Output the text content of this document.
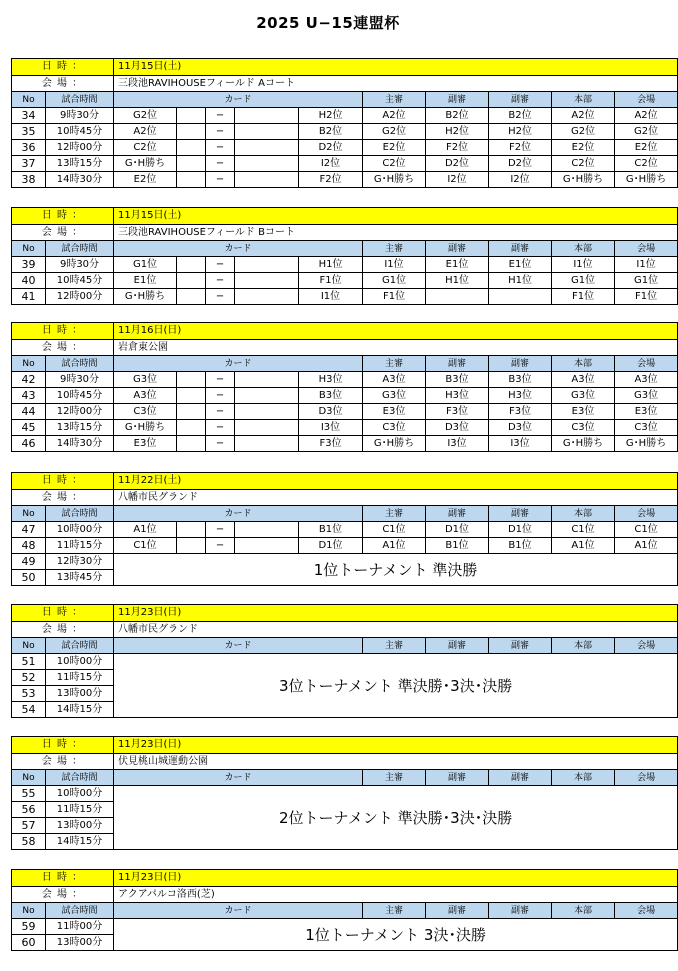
2025 U−15連盟杯
日 時 ：		11月15日(土)									
会 場 ：		三段池RAVIHOUSEフィールド Aコート									
No	試合時間	カード					主審	副審	副審	本部	会場
34	9時30分	G2位		−		H2位	A2位	B2位	B2位	A2位	A2位
35	10時45分	A2位		−		B2位	G2位	H2位	H2位	G2位	G2位
36	12時00分	C2位		−		D2位	E2位	F2位	F2位	E2位	E2位
37	13時15分	G･H勝ち		−		I2位	C2位	D2位	D2位	C2位	C2位
38	14時30分	E2位		−		F2位	G･H勝ち	I2位	I2位	G･H勝ち	G･H勝ち
日 時 ：		11月15日(土)									
会 場 ：		三段池RAVIHOUSEフィールド Bコート									
No	試合時間	カード					主審	副審	副審	本部	会場
39	9時30分	G1位		−		H1位	I1位	E1位	E1位	I1位	I1位
40	10時45分	E1位		−		F1位	G1位	H1位	H1位	G1位	G1位
41	12時00分	G･H勝ち		−		I1位	F1位			F1位	F1位
日 時 ：		11月16日(日)									
会 場 ：		岩倉東公園									
No	試合時間	カード					主審	副審	副審	本部	会場
42	9時30分	G3位		−		H3位	A3位	B3位	B3位	A3位	A3位
43	10時45分	A3位		−		B3位	G3位	H3位	H3位	G3位	G3位
44	12時00分	C3位		−		D3位	E3位	F3位	F3位	E3位	E3位
45	13時15分	G･H勝ち		−		I3位	C3位	D3位	D3位	C3位	C3位
46	14時30分	E3位		−		F3位	G･H勝ち	I3位	I3位	G･H勝ち	G･H勝ち
日 時 ：		11月22日(土)									
会 場 ：		八幡市民グランド									
No	試合時間	カード					主審	副審	副審	本部	会場
47	10時00分	A1位		−		B1位	C1位	D1位	D1位	C1位	C1位
48	11時15分	C1位		−		D1位	A1位	B1位	B1位	A1位	A1位
49	12時30分	1位トーナメント 準決勝									
50	13時45分										
日 時 ：		11月23日(日)					
会 場 ：		八幡市民グランド					
No	試合時間	カード	主審	副審	副審	本部	会場
51	10時00分	3位トーナメント 準決勝･3決･決勝					
52	11時15分						
53	13時00分						
54	14時15分						
日 時 ：		11月23日(日)					
会 場 ：		伏見桃山城運動公園					
No	試合時間	カード	主審	副審	副審	本部	会場
55	10時00分	2位トーナメント 準決勝･3決･決勝					
56	11時15分						
57	13時00分						
58	14時15分						
日 時 ：		11月23日(日)					
会 場 ：		アクアパルコ洛西(芝)					
No	試合時間	カード	主審	副審	副審	本部	会場
59	11時00分	1位トーナメント 3決･決勝					
60	13時00分						
